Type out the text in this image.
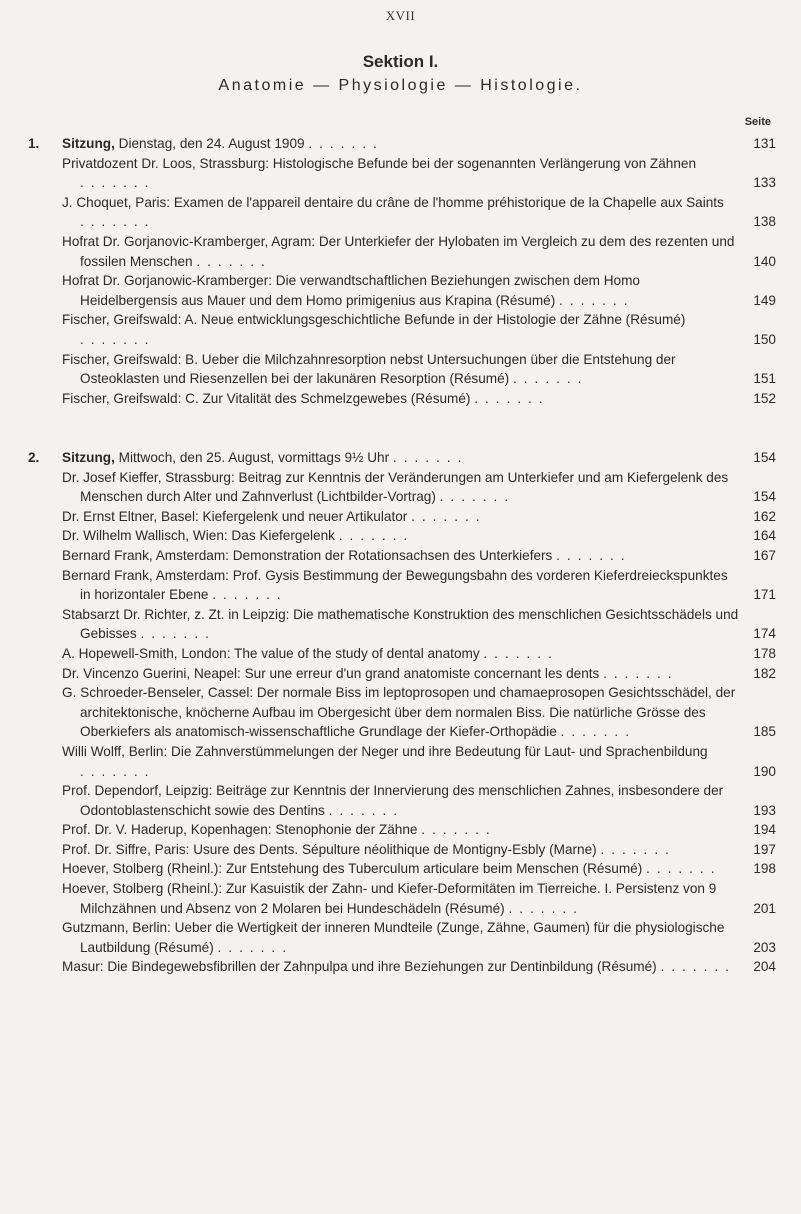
XVII
Sektion I.
Anatomie — Physiologie — Histologie.
Seite
1. Sitzung, Dienstag, den 24. August 1909 .......	131
Privatdozent Dr. Loos, Strassburg: Histologische Befunde bei der sogenannten Verlängerung von Zähnen .......	133
J. Choquet, Paris: Examen de l'appareil dentaire du crâne de l'homme préhistorique de la Chapelle aux Saints .......	138
Hofrat Dr. Gorjanovic-Kramberger, Agram: Der Unterkiefer der Hylobaten im Vergleich zu dem des rezenten und fossilen Menschen .......	140
Hofrat Dr. Gorjanowic-Kramberger: Die verwandtschaftlichen Beziehungen zwischen dem Homo Heidelbergensis aus Mauer und dem Homo primigenius aus Krapina (Résumé) .......	149
Fischer, Greifswald: A. Neue entwicklungsgeschichtliche Befunde in der Histologie der Zähne (Résumé) .......	150
Fischer, Greifswald: B. Ueber die Milchzahnresorption nebst Untersuchungen über die Entstehung der Osteoklasten und Riesenzellen bei der lakunären Resorption (Résumé) .......	151
Fischer, Greifswald: C. Zur Vitalität des Schmelzgewebes (Résumé) .......	152
2. Sitzung, Mittwoch, den 25. August, vormittags 9½ Uhr .......	154
Dr. Josef Kieffer, Strassburg: Beitrag zur Kenntnis der Veränderungen am Unterkiefer und am Kiefergelenk des Menschen durch Alter und Zahnverlust (Lichtbilder-Vortrag) .......	154
Dr. Ernst Eltner, Basel: Kiefergelenk und neuer Artikulator .......	162
Dr. Wilhelm Wallisch, Wien: Das Kiefergelenk .......	164
Bernard Frank, Amsterdam: Demonstration der Rotationsachsen des Unterkiefers .......	167
Bernard Frank, Amsterdam: Prof. Gysis Bestimmung der Bewegungsbahn des vorderen Kieferdreieckspunktes in horizontaler Ebene .......	171
Stabsarzt Dr. Richter, z. Zt. in Leipzig: Die mathematische Konstruktion des menschlichen Gesichtsschädels und Gebisses .......	174
A. Hopewell-Smith, London: The value of the study of dental anatomy .......	178
Dr. Vincenzo Guerini, Neapel: Sur une erreur d'un grand anatomiste concernant les dents .......	182
G. Schroeder-Benseler, Cassel: Der normale Biss im leptoprosopen und chamaeprosopen Gesichtsschädel, der architektonische, knöcherne Aufbau im Obergesicht über dem normalen Biss. Die natürliche Grösse des Oberkiefers als anatomisch-wissenschaftliche Grundlage der Kiefer-Orthopädie .......	185
Willi Wolff, Berlin: Die Zahnverstümmelungen der Neger und ihre Bedeutung für Laut- und Sprachenbildung .......	190
Prof. Dependorf, Leipzig: Beiträge zur Kenntnis der Innervierung des menschlichen Zahnes, insbesondere der Odontoblastenschicht sowie des Dentins .......	193
Prof. Dr. V. Haderup, Kopenhagen: Stenophonie der Zähne .......	194
Prof. Dr. Siffre, Paris: Usure des Dents. Sépulture néolithique de Montigny-Esbly (Marne) .......	197
Hoever, Stolberg (Rheinl.): Zur Entstehung des Tuberculum articulare beim Menschen (Résumé) .......	198
Hoever, Stolberg (Rheinl.): Zur Kasuistik der Zahn- und Kiefer-Deformitäten im Tierreiche. I. Persistenz von 9 Milchzähnen und Absenz von 2 Molaren bei Hundeschädeln (Résumé) .......	201
Gutzmann, Berlin: Ueber die Wertigkeit der inneren Mundteile (Zunge, Zähne, Gaumen) für die physiologische Lautbildung (Résumé) .......	203
Masur: Die Bindegewebsfibrillen der Zahnpulpa und ihre Beziehungen zur Dentinbildung (Résumé) .......	204
